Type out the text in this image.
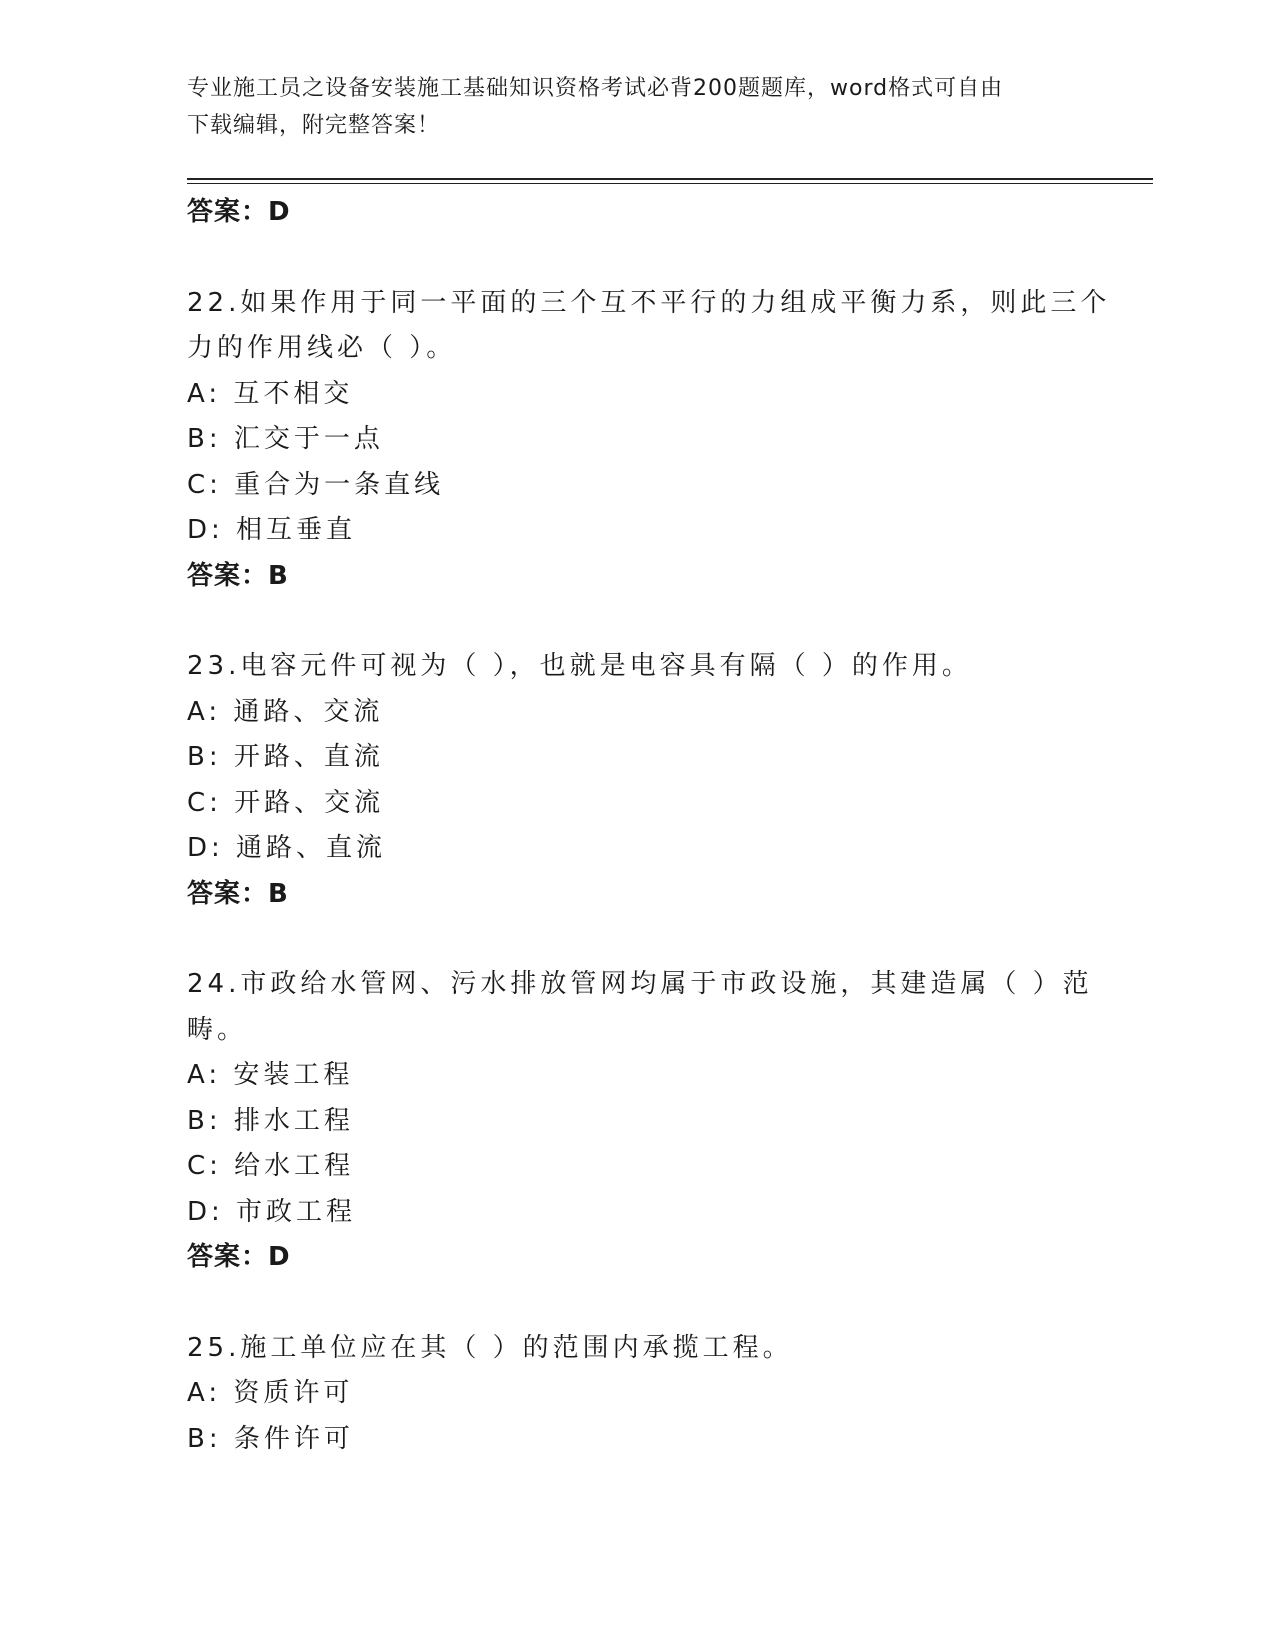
专业施工员之设备安装施工基础知识资格考试必背200题题库，word格式可自由
下载编辑，附完整答案！
答案：D
22.如果作用于同一平面的三个互不平行的力组成平衡力系，则此三个
力的作用线必（ ）。
A: 互不相交
B: 汇交于一点
C: 重合为一条直线
D: 相互垂直
答案：B
23.电容元件可视为（ ），也就是电容具有隔（ ）的作用。
A: 通路、交流
B: 开路、直流
C: 开路、交流
D: 通路、直流
答案：B
24.市政给水管网、污水排放管网均属于市政设施，其建造属（ ）范
畴。
A: 安装工程
B: 排水工程
C: 给水工程
D: 市政工程
答案：D
25.施工单位应在其（ ）的范围内承揽工程。
A: 资质许可
B: 条件许可
